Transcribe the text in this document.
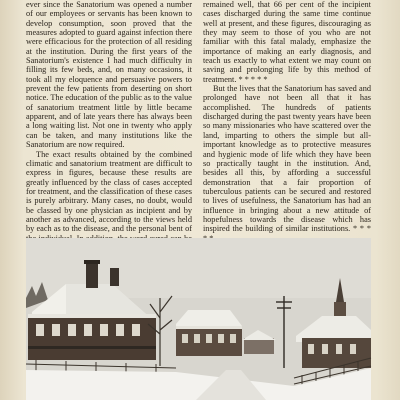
ever since the Sanatorium was opened a number of our employees or servants has been known to develop consumption, soon proved that the measures adopted to guard against infection there were efficacious for the protection of all residing at the institution. During the first years of the Sanatorium's existence I had much difficulty in filling its few beds, and, on many occasions, it took all my eloquence and persuasive powers to prevent the few patients from deserting on short notice. The education of the public as to the value of sanatorium treatment little by little became apparent, and of late years there has always been a long waiting list. Not one in twenty who apply can be taken, and many institutions like the Sanatorium are now required.

The exact results obtained by the combined climatic and sanatorium treatment are difficult to express in figures, because these results are greatly influenced by the class of cases accepted for treatment, and the classification of these cases is purely arbitrary. Many cases, no doubt, would be classed by one physician as incipient and by another as advanced, according to the views held by each as to the disease, and the personal bent of

remained well, that 66 per cent of the incipient cases discharged during the same time continue well at present, and these figures, discouraging as they may seem to those of you who are not familiar with this fatal malady, emphasize the importance of making an early diagnosis, and teach us exactly to what extent we may count on saving and prolonging life by this method of treatment. * * * * *

But the lives that the Sanatorium has saved and prolonged have not been all that it has accomplished. The hundreds of patients discharged during the past twenty years have been so many missionaries who have scattered over the land, imparting to others the simple but all-important knowledge as to protective measures and hygienic mode of life which they have been so practically taught in the institution. And, besides all this, by affording a successful demonstration that a fair proportion of tuberculous patients can be secured and restored to lives of usefulness, the Sanatorium has had an influence in bringing about a new attitude of hopefulness towards the disease which has inspired the building of similar institutions. * * *
